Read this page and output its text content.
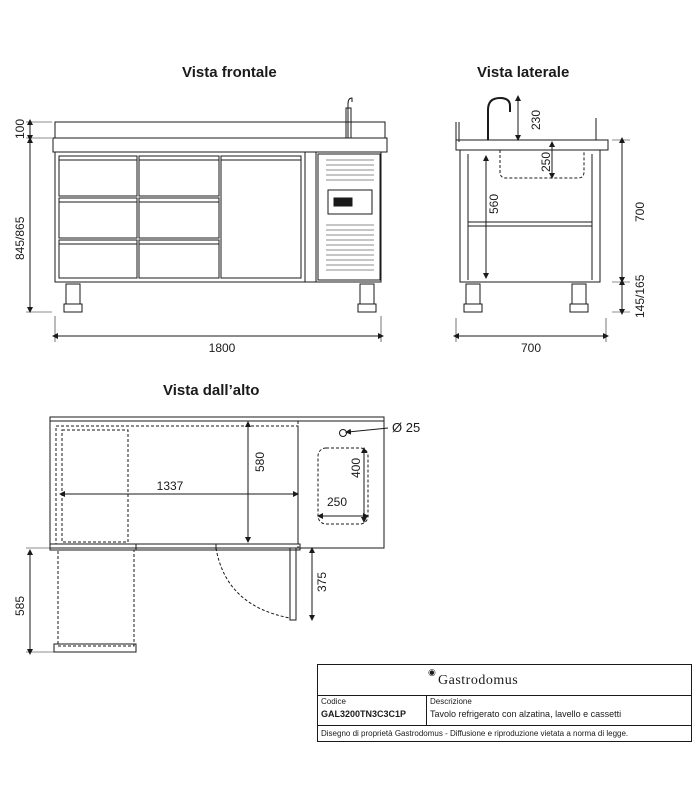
Vista frontale	Vista laterale
Vista dall’alto
100
845/865
1800
230
250
560	700
145/165
700
Ø 25
400
250
580
1337
375
585
◉
Gastrodomus
Codice
GAL3200TN3C3C1P
Descrizione
Tavolo refrigerato con alzatina, lavello e cassetti
Disegno di proprietà Gastrodomus - Diffusione e riproduzione vietata a norma di legge.
